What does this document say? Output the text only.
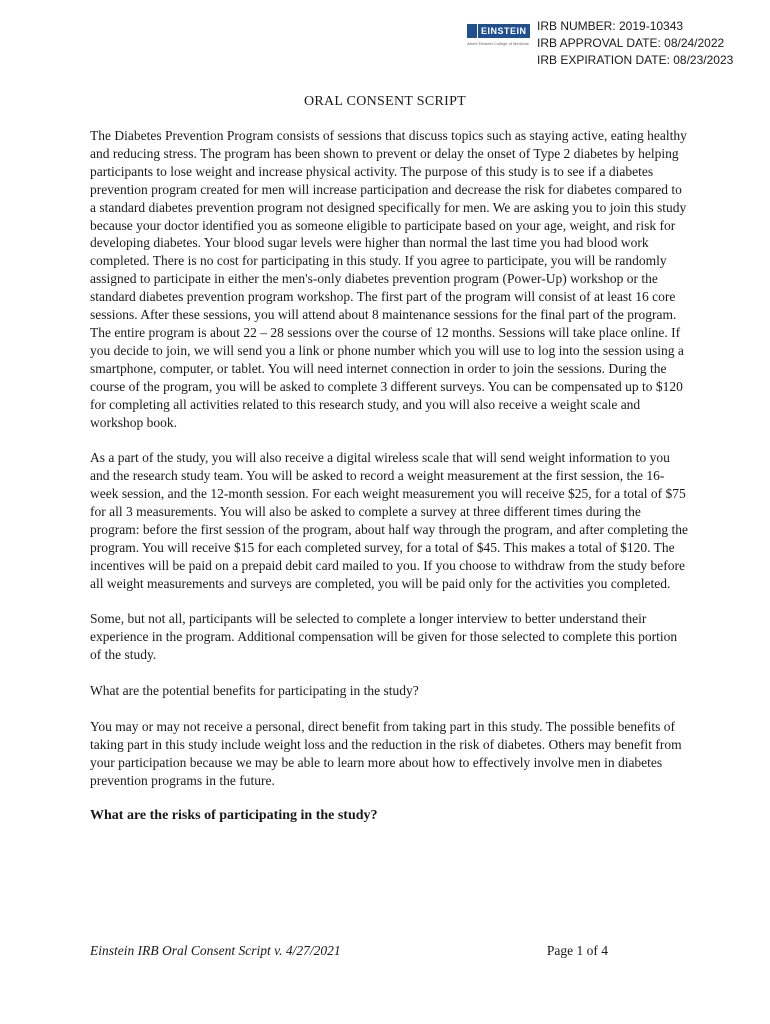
EINSTEIN
Albert Einstein College of Medicine
IRB NUMBER: 2019-10343
IRB APPROVAL DATE: 08/24/2022
IRB EXPIRATION DATE: 08/23/2023
ORAL CONSENT SCRIPT

The Diabetes Prevention Program consists of sessions that discuss topics such as staying active, eating healthy and reducing stress. The program has been shown to prevent or delay the onset of Type 2 diabetes by helping participants to lose weight and increase physical activity. The purpose of this study is to see if a diabetes prevention program created for men will increase participation and decrease the risk for diabetes compared to a standard diabetes prevention program not designed specifically for men. We are asking you to join this study because your doctor identified you as someone eligible to participate based on your age, weight, and risk for developing diabetes. Your blood sugar levels were higher than normal the last time you had blood work completed. There is no cost for participating in this study. If you agree to participate, you will be randomly assigned to participate in either the men's-only diabetes prevention program (Power-Up) workshop or the standard diabetes prevention program workshop. The first part of the program will consist of at least 16 core sessions. After these sessions, you will attend about 8 maintenance sessions for the final part of the program. The entire program is about 22 – 28 sessions over the course of 12 months. Sessions will take place online. If you decide to join, we will send you a link or phone number which you will use to log into the session using a smartphone, computer, or tablet. You will need internet connection in order to join the sessions. During the course of the program, you will be asked to complete 3 different surveys. You can be compensated up to $120 for completing all activities related to this research study, and you will also receive a weight scale and workshop book.

As a part of the study, you will also receive a digital wireless scale that will send weight information to you and the research study team. You will be asked to record a weight measurement at the first session, the 16-week session, and the 12-month session. For each weight measurement you will receive $25, for a total of $75 for all 3 measurements. You will also be asked to complete a survey at three different times during the program: before the first session of the program, about half way through the program, and after completing the program. You will receive $15 for each completed survey, for a total of $45. This makes a total of $120. The incentives will be paid on a prepaid debit card mailed to you. If you choose to withdraw from the study before all weight measurements and surveys are completed, you will be paid only for the activities you completed.

Some, but not all, participants will be selected to complete a longer interview to better understand their experience in the program. Additional compensation will be given for those selected to complete this portion of the study.

What are the potential benefits for participating in the study?

You may or may not receive a personal, direct benefit from taking part in this study. The possible benefits of taking part in this study include weight loss and the reduction in the risk of diabetes. Others may benefit from your participation because we may be able to learn more about how to effectively involve men in diabetes prevention programs in the future.

What are the risks of participating in the study?
Einstein IRB Oral Consent Script v. 4/27/2021	Page 1 of 4
